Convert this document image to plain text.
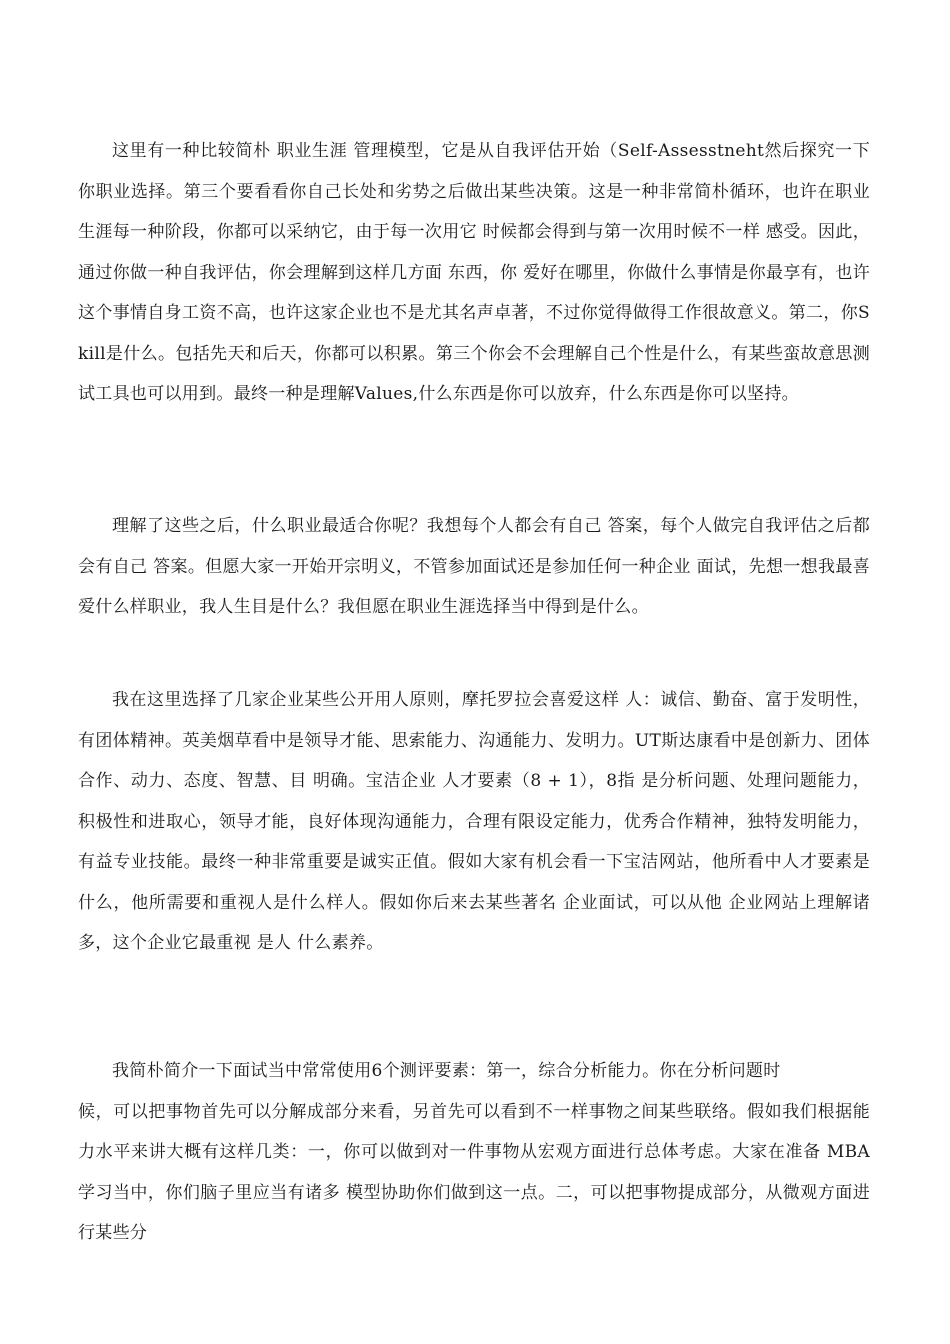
这里有一种比较简朴 职业生涯 管理模型，它是从自我评估开始（Self-Assesstneht然后探究一下你职业选择。第三个要看看你自己长处和劣势之后做出某些决策。这是一种非常简朴循环，也许在职业生涯每一种阶段，你都可以采纳它，由于每一次用它 时候都会得到与第一次用时候不一样 感受。因此，通过你做一种自我评估，你会理解到这样几方面 东西，你 爱好在哪里，你做什么事情是你最享有，也许这个事情自身工资不高，也许这家企业也不是尤其名声卓著，不过你觉得做得工作很故意义。第二，你Skill是什么。包括先天和后天，你都可以积累。第三个你会不会理解自己个性是什么，有某些蛮故意思测试工具也可以用到。最终一种是理解Values,什么东西是你可以放弃，什么东西是你可以坚持。

理解了这些之后，什么职业最适合你呢？我想每个人都会有自己 答案，每个人做完自我评估之后都会有自己 答案。但愿大家一开始开宗明义，不管参加面试还是参加任何一种企业 面试，先想一想我最喜爱什么样职业，我人生目是什么？我但愿在职业生涯选择当中得到是什么。

我在这里选择了几家企业某些公开用人原则，摩托罗拉会喜爱这样 人：诚信、勤奋、富于发明性，有团体精神。英美烟草看中是领导才能、思索能力、沟通能力、发明力。UT斯达康看中是创新力、团体合作、动力、态度、智慧、目 明确。宝洁企业 人才要素（8 + 1），8指 是分析问题、处理问题能力，积极性和进取心，领导才能，良好体现沟通能力，合理有限设定能力，优秀合作精神，独特发明能力，有益专业技能。最终一种非常重要是诚实正值。假如大家有机会看一下宝洁网站，他所看中人才要素是什么，他所需要和重视人是什么样人。假如你后来去某些著名 企业面试，可以从他 企业网站上理解诸多，这个企业它最重视 是人 什么素养。

我简朴简介一下面试当中常常使用6个测评要素：第一，综合分析能力。你在分析问题时
候，可以把事物首先可以分解成部分来看，另首先可以看到不一样事物之间某些联络。假如我们根据能力水平来讲大概有这样几类：一，你可以做到对一件事物从宏观方面进行总体考虑。大家在准备 MBA 学习当中，你们脑子里应当有诸多 模型协助你们做到这一点。二，可以把事物提成部分，从微观方面进行某些分
